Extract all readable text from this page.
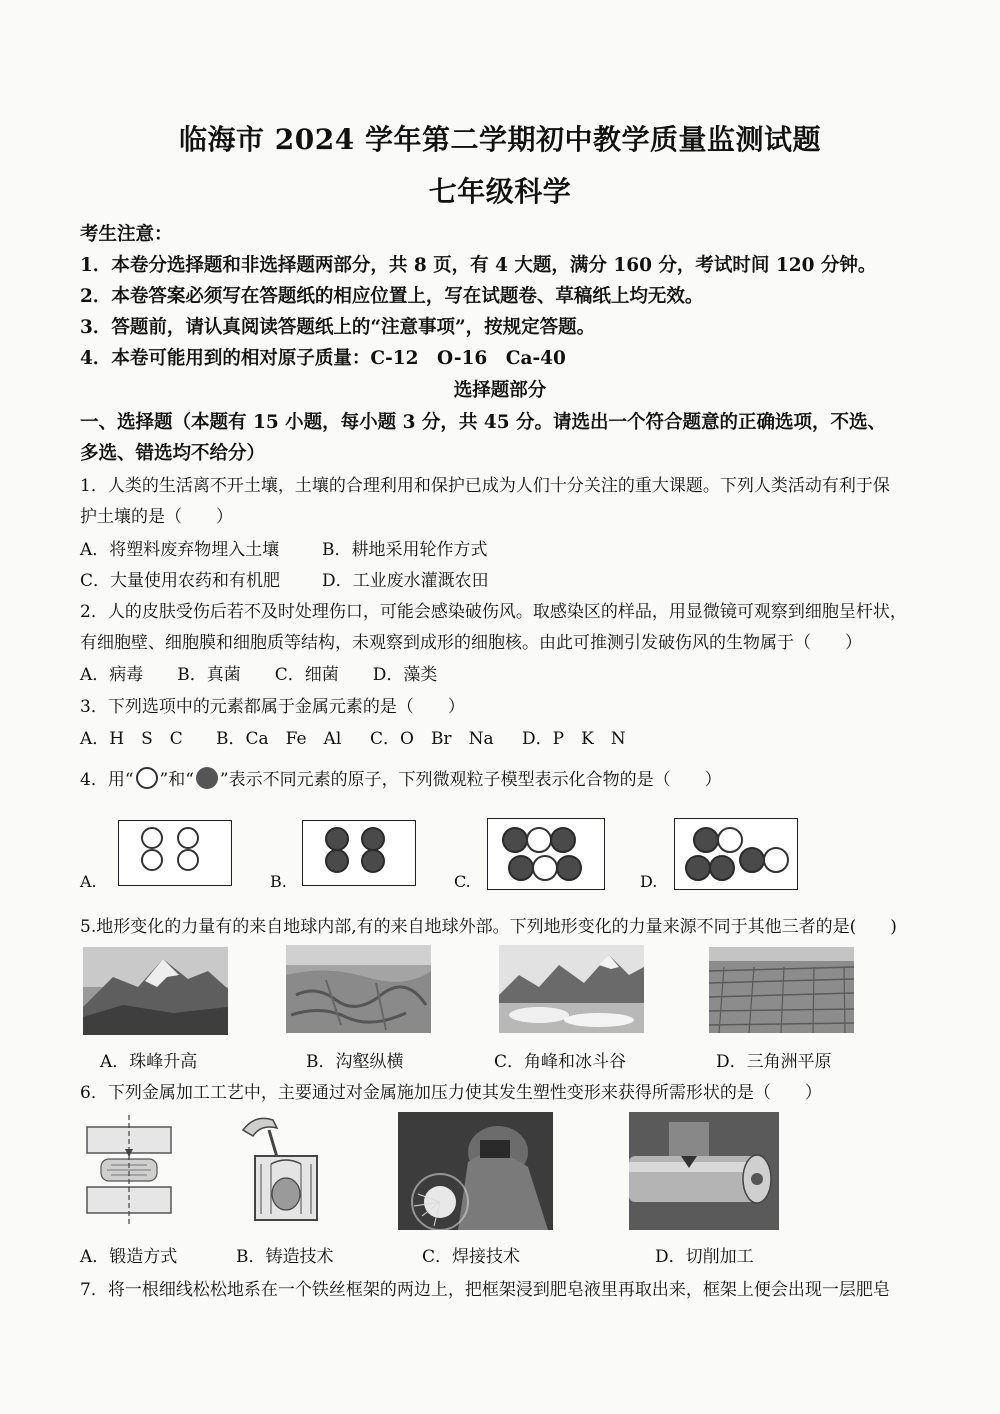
临海市 2024 学年第二学期初中教学质量监测试题
七年级科学
考生注意：
1．本卷分选择题和非选择题两部分，共 8 页，有 4 大题，满分 160 分，考试时间 120 分钟。
2．本卷答案必须写在答题纸的相应位置上，写在试题卷、草稿纸上均无效。
3．答题前，请认真阅读答题纸上的“注意事项”，按规定答题。
4．本卷可能用到的相对原子质量：C-12　O-16　Ca-40
选择题部分
一、选择题（本题有 15 小题，每小题 3 分，共 45 分。请选出一个符合题意的正确选项，不选、
多选、错选均不给分）
1．人类的生活离不开土壤，土壤的合理利用和保护已成为人们十分关注的重大课题。下列人类活动有利于保
护土壤的是（　　）
A．将塑料废弃物埋入土壤	B．耕地采用轮作方式
C．大量使用农药和有机肥 D．工业废水灌溉农田
2．人的皮肤受伤后若不及时处理伤口，可能会感染破伤风。取感染区的样品，用显微镜可观察到细胞呈杆状，
有细胞壁、细胞膜和细胞质等结构，未观察到成形的细胞核。由此可推测引发破伤风的生物属于（　　）
A．病毒　　B．真菌　　C．细菌　　D．藻类
3．下列选项中的元素都属于金属元素的是（　　）
A．H　S　C B．Ca　Fe　Al C．O　Br　Na D．P　K　N
4．用“ ”和“ ”表示不同元素的原子，下列微观粒子模型表示化合物的是（　　）
A.	B.	C.	D.
5.地形变化的力量有的来自地球内部,有的来自地球外部。下列地形变化的力量来源不同于其他三者的是(　　)
A．珠峰升高	B．沟壑纵横	C．角峰和冰斗谷	D．三角洲平原
6．下列金属加工工艺中，主要通过对金属施加压力使其发生塑性变形来获得所需形状的是（　　）
A．锻造方式	B．铸造技术	C．焊接技术	D．切削加工
7．将一根细线松松地系在一个铁丝框架的两边上，把框架浸到肥皂液里再取出来，框架上便会出现一层肥皂
